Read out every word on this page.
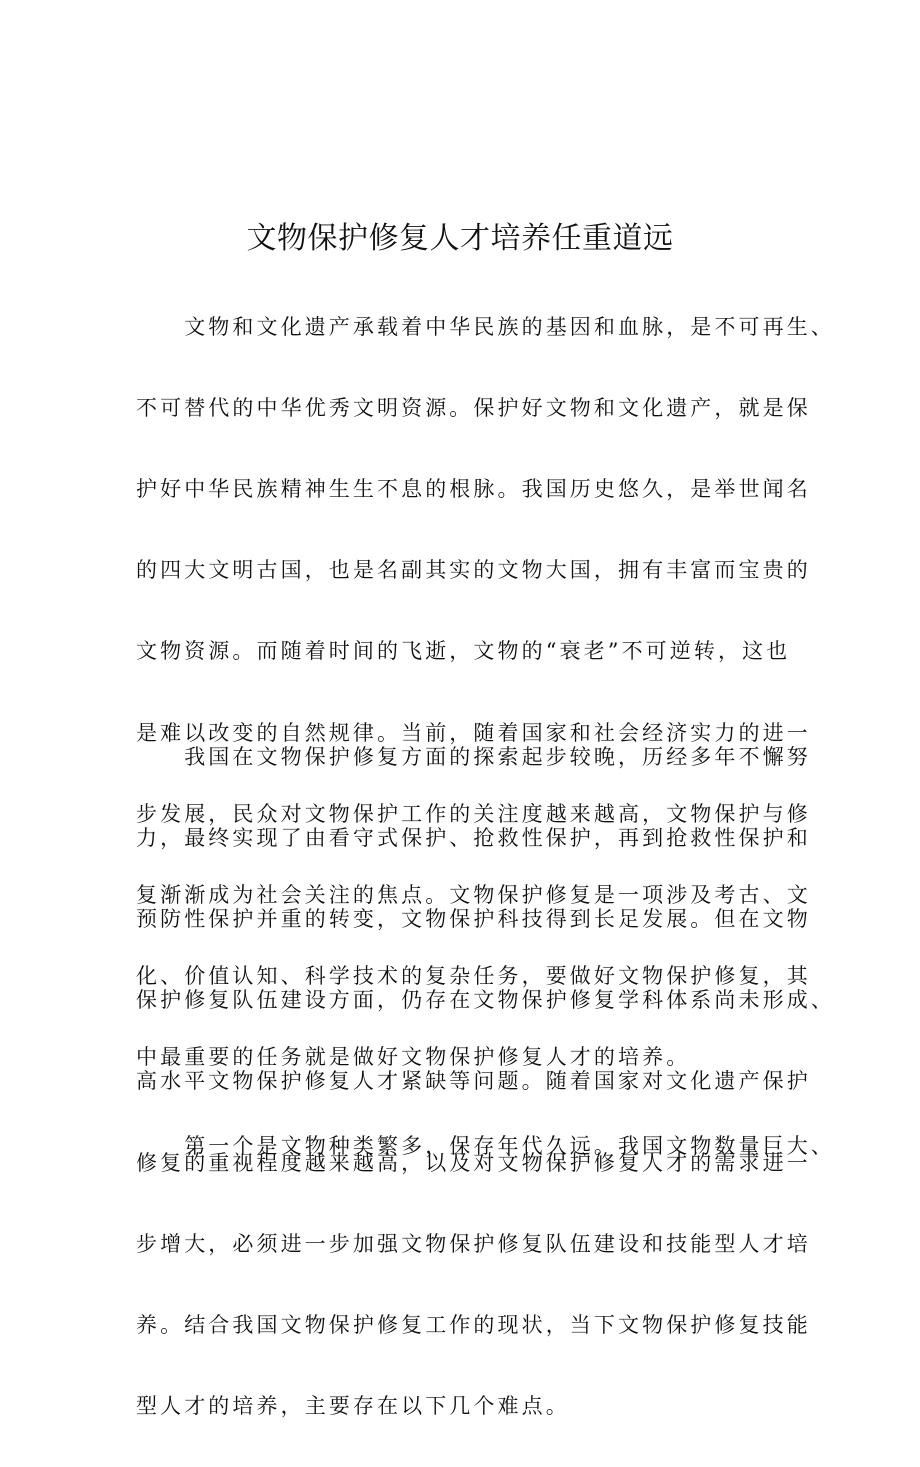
文物保护修复人才培养任重道远

　　文物和文化遗产承载着中华民族的基因和血脉，是不可再生、

不可替代的中华优秀文明资源。保护好文物和文化遗产，就是保

护好中华民族精神生生不息的根脉。我国历史悠久，是举世闻名

的四大文明古国，也是名副其实的文物大国，拥有丰富而宝贵的

文物资源。而随着时间的飞逝，文物的“衰老”不可逆转，这也

是难以改变的自然规律。当前，随着国家和社会经济实力的进一

步发展，民众对文物保护工作的关注度越来越高，文物保护与修

复渐渐成为社会关注的焦点。文物保护修复是一项涉及考古、文

化、价值认知、科学技术的复杂任务，要做好文物保护修复，其

中最重要的任务就是做好文物保护修复人才的培养。

　　我国在文物保护修复方面的探索起步较晚，历经多年不懈努

力，最终实现了由看守式保护、抢救性保护，再到抢救性保护和

预防性保护并重的转变，文物保护科技得到长足发展。但在文物

保护修复队伍建设方面，仍存在文物保护修复学科体系尚未形成、

高水平文物保护修复人才紧缺等问题。随着国家对文化遗产保护

修复的重视程度越来越高，以及对文物保护修复人才的需求进一

步增大，必须进一步加强文物保护修复队伍建设和技能型人才培

养。结合我国文物保护修复工作的现状，当下文物保护修复技能

型人才的培养，主要存在以下几个难点。

　　第一个是文物种类繁多，保存年代久远。我国文物数量巨大、
